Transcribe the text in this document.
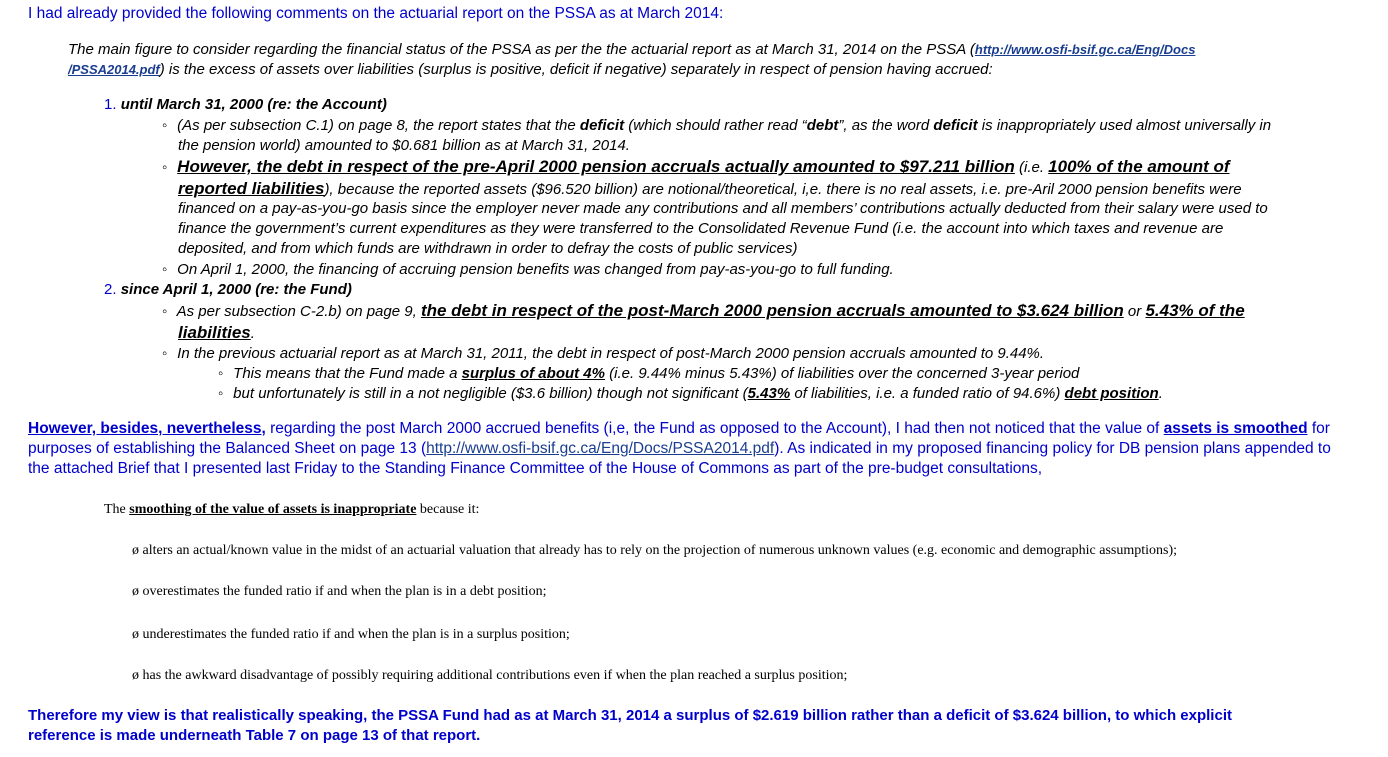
I had already provided the following comments on the actuarial report on the PSSA as at March 2014:
The main figure to consider regarding the financial status of the PSSA as per the the actuarial report as at March 31, 2014 on the PSSA (http://www.osfi-bsif.gc.ca/Eng/Docs
/PSSA2014.pdf) is the excess of assets over liabilities (surplus is positive, deficit if negative) separately in respect of pension having accrued:
1. until March 31, 2000 (re: the Account)
◦ (As per subsection C.1) on page 8, the report states that the deficit (which should rather read “debt”, as the word deficit is inappropriately used almost universally in
the pension world) amounted to $0.681 billion as at March 31, 2014.
◦ However, the debt in respect of the pre-April 2000 pension accruals actually amounted to $97.211 billion (i.e. 100% of the amount of
reported liabilities), because the reported assets ($96.520 billion) are notional/theoretical, i,e. there is no real assets, i.e. pre-Aril 2000 pension benefits were
financed on a pay-as-you-go basis since the employer never made any contributions and all members’ contributions actually deducted from their salary were used to
finance the government’s current expenditures as they were transferred to the Consolidated Revenue Fund (i.e. the account into which taxes and revenue are
deposited, and from which funds are withdrawn in order to defray the costs of public services)
◦ On April 1, 2000, the financing of accruing pension benefits was changed from pay-as-you-go to full funding.
2. since April 1, 2000 (re: the Fund)
◦ As per subsection C-2.b) on page 9, the debt in respect of the post-March 2000 pension accruals amounted to $3.624 billion or 5.43% of the
liabilities.
◦ In the previous actuarial report as at March 31, 2011, the debt in respect of post-March 2000 pension accruals amounted to 9.44%.
◦ This means that the Fund made a surplus of about 4% (i.e. 9.44% minus 5.43%) of liabilities over the concerned 3-year period
◦ but unfortunately is still in a not negligible ($3.6 billion) though not significant (5.43% of liabilities, i.e. a funded ratio of 94.6%) debt position.
However, besides, nevertheless, regarding the post March 2000 accrued benefits (i,e, the Fund as opposed to the Account), I had then not noticed that the value of assets is smoothed for
purposes of establishing the Balanced Sheet on page 13 (http://www.osfi-bsif.gc.ca/Eng/Docs/PSSA2014.pdf). As indicated in my proposed financing policy for DB pension plans appended to
the attached Brief that I presented last Friday to the Standing Finance Committee of the House of Commons as part of the pre-budget consultations,
The smoothing of the value of assets is inappropriate because it:
ø alters an actual/known value in the midst of an actuarial valuation that already has to rely on the projection of numerous unknown values (e.g. economic and demographic assumptions);
ø overestimates the funded ratio if and when the plan is in a debt position;
ø underestimates the funded ratio if and when the plan is in a surplus position;
ø has the awkward disadvantage of possibly requiring additional contributions even if when the plan reached a surplus position;
Therefore my view is that realistically speaking, the PSSA Fund had as at March 31, 2014 a surplus of $2.619 billion rather than a deficit of $3.624 billion, to which explicit
reference is made underneath Table 7 on page 13 of that report.
